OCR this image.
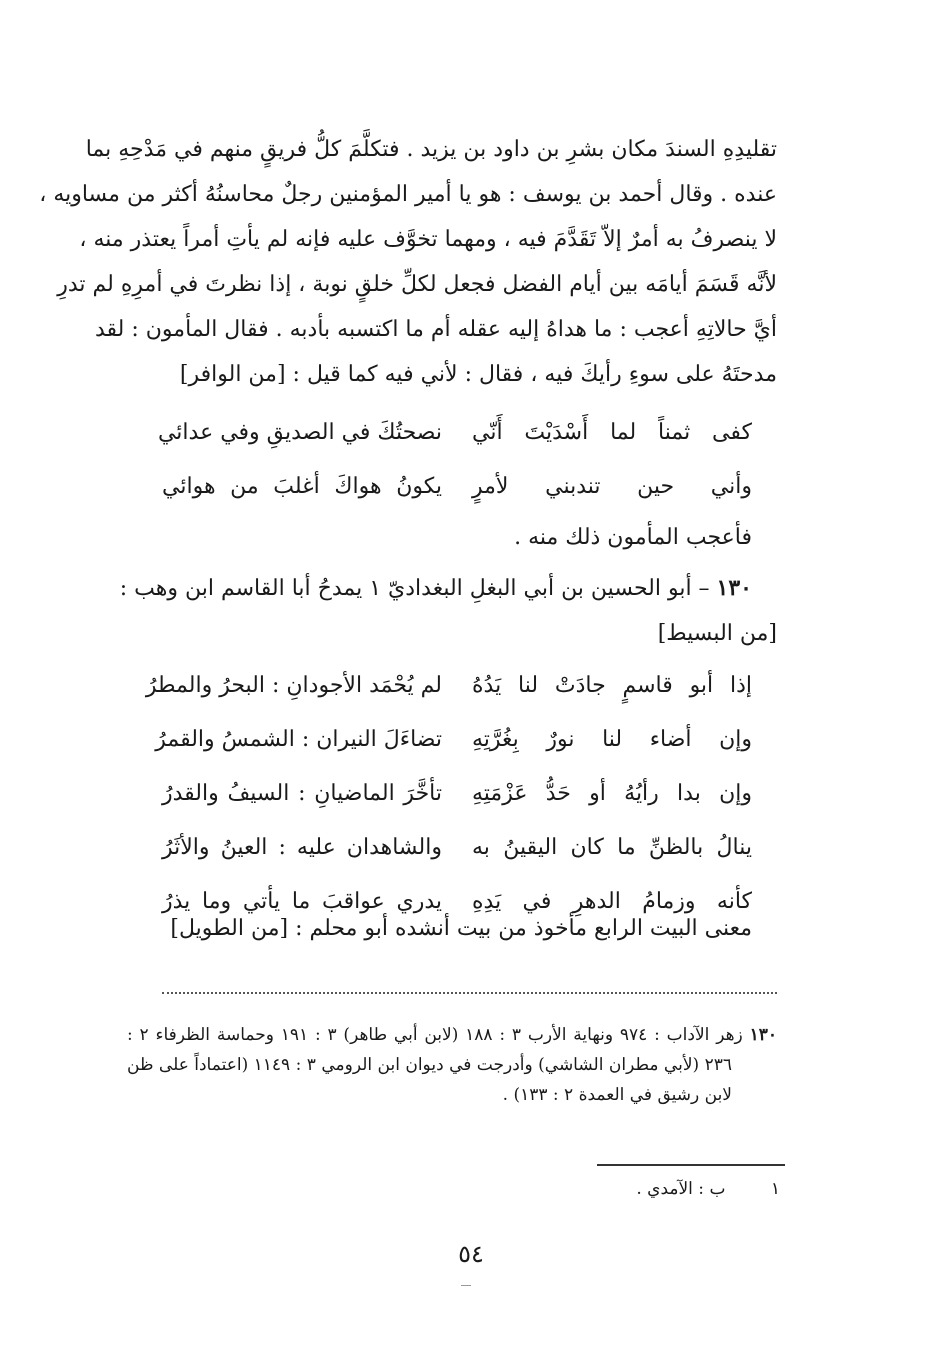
تقليدِهِ السندَ مكان بشرِ بن داود بن يزيد . فتكلَّمَ كلُّ فريقٍ منهم في مَدْحِهِ بما
عنده . وقال أحمد بن يوسف : هو يا أمير المؤمنين رجلٌ محاسنُهُ أكثر من مساويه ،
لا ينصرفُ به أمرٌ إلاّ تَقَدَّمَ فيه ، ومهما تخوَّف عليه فإنه لم يأتِ أمراً يعتذر منه ،
لأنَّه قَسَمَ أيامَه بين أيام الفضل فجعل لكلِّ خلقٍ نوبة ، إذا نظرتَ في أمرِهِ لم تدرِ
أيَّ حالاتِهِ أعجب : ما هداهُ إليه عقله أم ما اكتسبه بأدبه . فقال المأمون : لقد
مدحتَهُ على سوءِ رأيكَ فيه ، فقال : لأني فيه كما قيل : [من الوافر]
كفى ثمناً لما أَسْدَيْتَ أَنّي
نصحتُكَ في الصديقِ وفي عدائي
وأني حين تندبني لأمرٍ
يكونُ هواكَ أغلبَ من هوائي
فأعجب المأمون ذلك منه .
١٣٠ – أبو الحسين بن أبي البغلِ البغداديّ ١ يمدحُ أبا القاسم ابن وهب :
[من البسيط]
إذا أبو قاسمٍ جادَتْ لنا يَدُهُ
لم يُحْمَد الأجودانِ : البحرُ والمطرُ
وإن أضاء لنا نورٌ بِغُرَّتِهِ
تضاءَلَ النيران : الشمسُ والقمرُ
وإن بدا رأيُهُ أو حَدُّ عَزْمَتِهِ
تأخَّرَ الماضيانِ : السيفُ والقدرُ
ينالُ بالظنِّ ما كان اليقينُ به
والشاهدان عليه : العينُ والأثَرُ
كأنه وزمامُ الدهرِ في يَدِهِ
يدري عواقبَ ما يأتي وما يذرُ
معنى البيت الرابع مأخوذ من بيت أنشده أبو محلم : [من الطويل]
١٣٠ زهر الآداب : ٩٧٤ ونهاية الأرب ٣ : ١٨٨ (لابن أبي طاهر) ٣ : ١٩١ وحماسة الظرفاء ٢ :
٢٣٦ (لأبي مطران الشاشي) وأدرجت في ديوان ابن الرومي ٣ : ١١٤٩ (اعتماداً على ظن
لابن رشيق في العمدة ٢ : ١٣٣) .
١ ب : الآمدي .
٥٤
